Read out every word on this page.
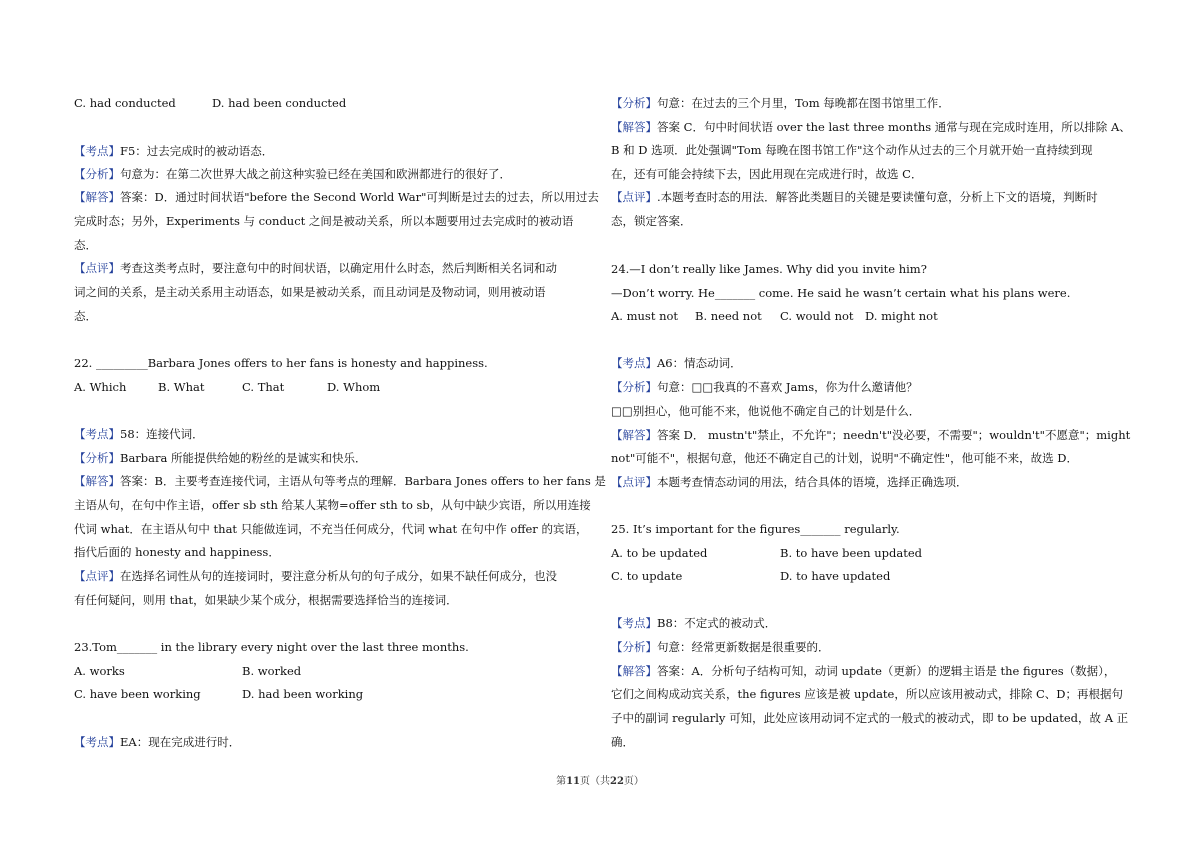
C. had conducted	D. had been conducted
【考点】F5：过去完成时的被动语态．
【分析】句意为：在第二次世界大战之前这种实验已经在美国和欧洲都进行的很好了．
【解答】答案：D．通过时间状语"before the Second World War"可判断是过去的过去，所以用过去
完成时态；另外，Experiments 与 conduct 之间是被动关系，所以本题要用过去完成时的被动语
态．
【点评】考查这类考点时，要注意句中的时间状语，以确定用什么时态，然后判断相关名词和动
词之间的关系，是主动关系用主动语态，如果是被动关系，而且动词是及物动词，则用被动语
态．
22. _________Barbara Jones offers to her fans is honesty and happiness.
A. Which	B. What	C. That	D. Whom
【考点】58：连接代词．
【分析】Barbara 所能提供给她的粉丝的是诚实和快乐．
【解答】答案：B．主要考查连接代词，主语从句等考点的理解．Barbara Jones offers to her fans 是
主语从句，在句中作主语，offer sb sth 给某人某物=offer sth to sb，从句中缺少宾语，所以用连接
代词 what．在主语从句中 that 只能做连词，不充当任何成分，代词 what 在句中作 offer 的宾语，
指代后面的 honesty and happiness．
【点评】在选择名词性从句的连接词时，要注意分析从句的句子成分，如果不缺任何成分，也没
有任何疑问，则用 that，如果缺少某个成分，根据需要选择恰当的连接词．
23.Tom_______ in the library every night over the last three months.
A. works	B. worked
C. have been working	D. had been working
【考点】EA：现在完成进行时．
【分析】句意：在过去的三个月里，Tom 每晚都在图书馆里工作．
【解答】答案 C．句中时间状语 over the last three months 通常与现在完成时连用，所以排除 A、
B 和 D 选项．此处强调"Tom 每晚在图书馆工作"这个动作从过去的三个月就开始一直持续到现
在，还有可能会持续下去，因此用现在完成进行时，故选 C．
【点评】.本题考查时态的用法．解答此类题目的关键是要读懂句意，分析上下文的语境，判断时
态，锁定答案．
24.—I don’t really like James. Why did you invite him?
—Don’t worry. He_______ come. He said he wasn’t certain what his plans were.
A. must not B. need not C. would not D. might not
【考点】A6：情态动词．
【分析】句意：□□我真的不喜欢 Jams，你为什么邀请他？
□□别担心，他可能不来，他说他不确定自己的计划是什么．
【解答】答案 D． mustn't"禁止，不允许"；needn't"没必要，不需要"；wouldn't"不愿意"；might
not"可能不"，根据句意，他还不确定自己的计划，说明"不确定性"，他可能不来，故选 D．
【点评】本题考查情态动词的用法，结合具体的语境，选择正确选项．
25. It’s important for the figures_______ regularly.
A. to be updated	B. to have been updated
C. to update	D. to have updated
【考点】B8：不定式的被动式．
【分析】句意：经常更新数据是很重要的．
【解答】答案：A．分析句子结构可知，动词 update（更新）的逻辑主语是 the figures（数据），
它们之间构成动宾关系，the figures 应该是被 update，所以应该用被动式，排除 C、D；再根据句
子中的副词 regularly 可知，此处应该用动词不定式的一般式的被动式，即 to be updated，故 A 正
确．
第11页（共22页）
